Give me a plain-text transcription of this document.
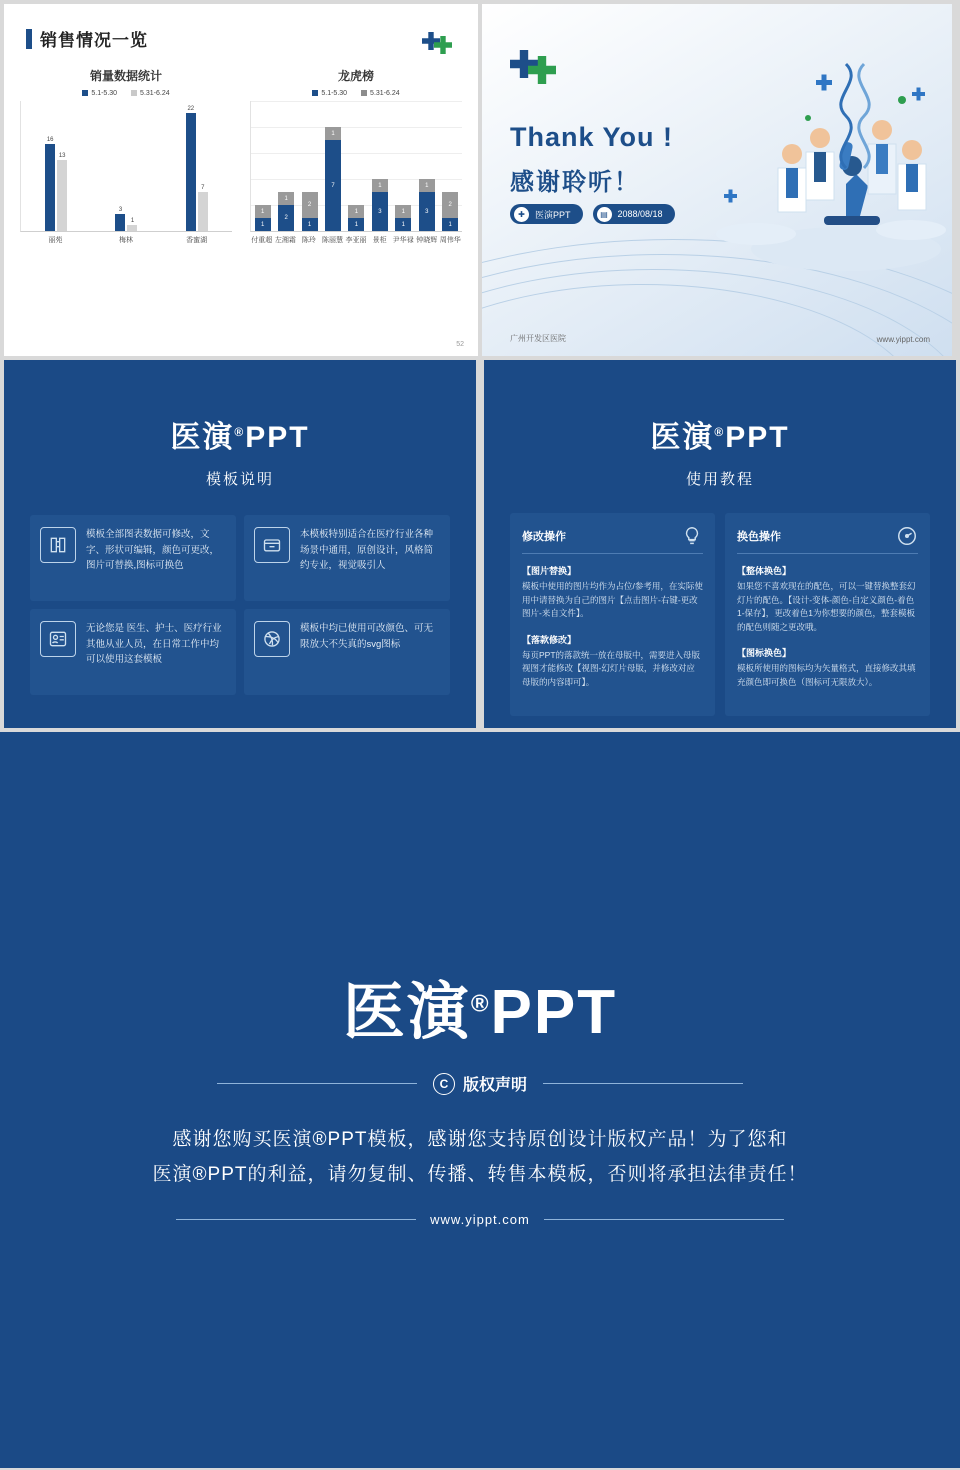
销售情况一览
销量数据统计
5.1-5.30	5.31-6.24
16
13
3
1
22
7
丽苑	梅林	香蜜湖
龙虎榜
5.1-5.30	5.31-6.24
1
1
1
2
2
1
1
7
1
1
1
3	1
1
1
3
2
1
付重超 左湘霜 陈玲 陈丽慧 李亚丽 景柜 尹华禄 钟晓辉 周伟华
52
Thank You !
感谢聆听！
✚	医演PPT	▤	2088/08/18
广州开发区医院	www.yippt.com
医演®PPT
模板说明

模板全部图表数据可修改，文字、形状可编辑，颜色可更改，图片可替换,图标可换色

本模板特别适合在医疗行业各种场景中通用，原创设计，风格简约专业，视觉吸引人

无论您是 医生、护士、医疗行业其他从业人员，在日常工作中均可以使用这套模板

模板中均已使用可改颜色、可无限放大不失真的svg图标

医演®PPT
使用教程
修改操作
【图片替换】
模板中使用的图片均作为占位/参考用，在实际使用中请替换为自己的图片【点击图片-右键-更改图片-来自文件】。
【落款修改】
每页PPT的落款统一放在母版中，需要进入母版视图才能修改【视图-幻灯片母版，并修改对应母版的内容即可】。
换色操作
【整体换色】
如果您不喜欢现在的配色，可以一键替换整套幻灯片的配色。【设计-变体-颜色-自定义颜色-着色1-保存】，更改着色1为你想要的颜色，整套模板的配色则随之更改哦。
【图标换色】
模板所使用的图标均为矢量格式，直接修改其填充颜色即可换色（图标可无限放大）。
医演®PPT
C 版权声明
感谢您购买医演®PPT模板，感谢您支持原创设计版权产品！为了您和
医演®PPT的利益，请勿复制、传播、转售本模板，否则将承担法律责任！
www.yippt.com
